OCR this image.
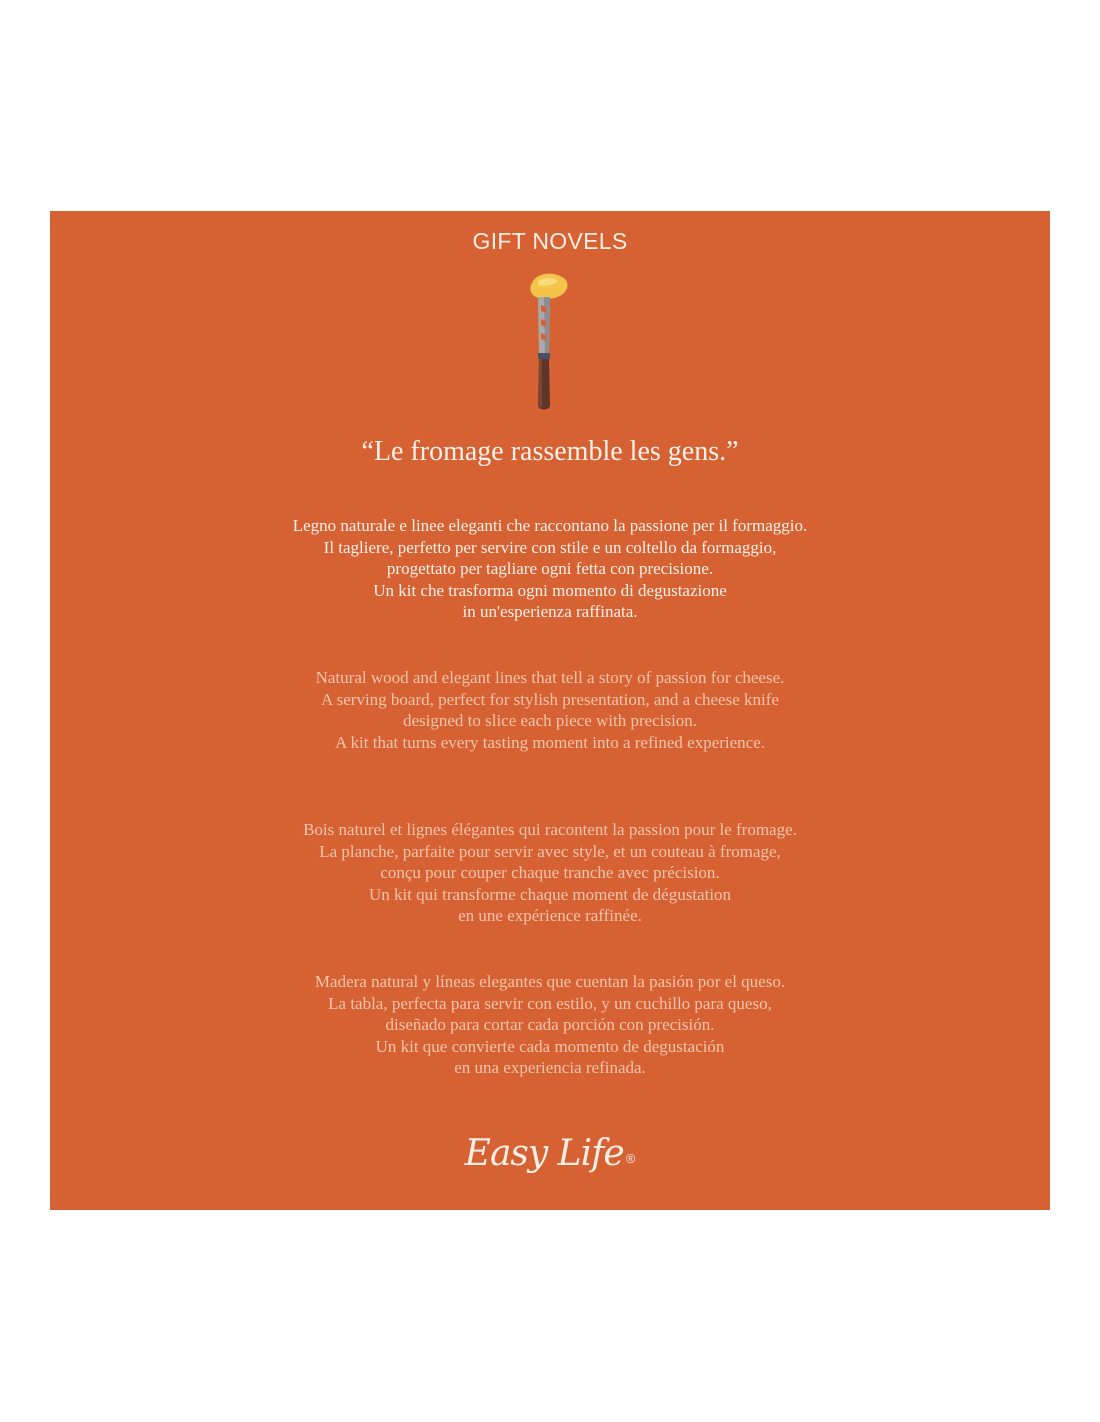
GIFT NOVELS
“Le fromage rassemble les gens.”

Legno naturale e linee eleganti che raccontano la passione per il formaggio.
Il tagliere, perfetto per servire con stile e un coltello da formaggio,
progettato per tagliare ogni fetta con precisione.
Un kit che trasforma ogni momento di degustazione
in un'esperienza raffinata.

Natural wood and elegant lines that tell a story of passion for cheese.
A serving board, perfect for stylish presentation, and a cheese knife
designed to slice each piece with precision.
A kit that turns every tasting moment into a refined experience.

Bois naturel et lignes élégantes qui racontent la passion pour le fromage.
La planche, parfaite pour servir avec style, et un couteau à fromage,
conçu pour couper chaque tranche avec précision.
Un kit qui transforme chaque moment de dégustation
en une expérience raffinée.

Madera natural y líneas elegantes que cuentan la pasión por el queso.
La tabla, perfecta para servir con estilo, y un cuchillo para queso,
diseñado para cortar cada porción con precisión.
Un kit que convierte cada momento de degustación
en una experiencia refinada.

Easy Life ®
